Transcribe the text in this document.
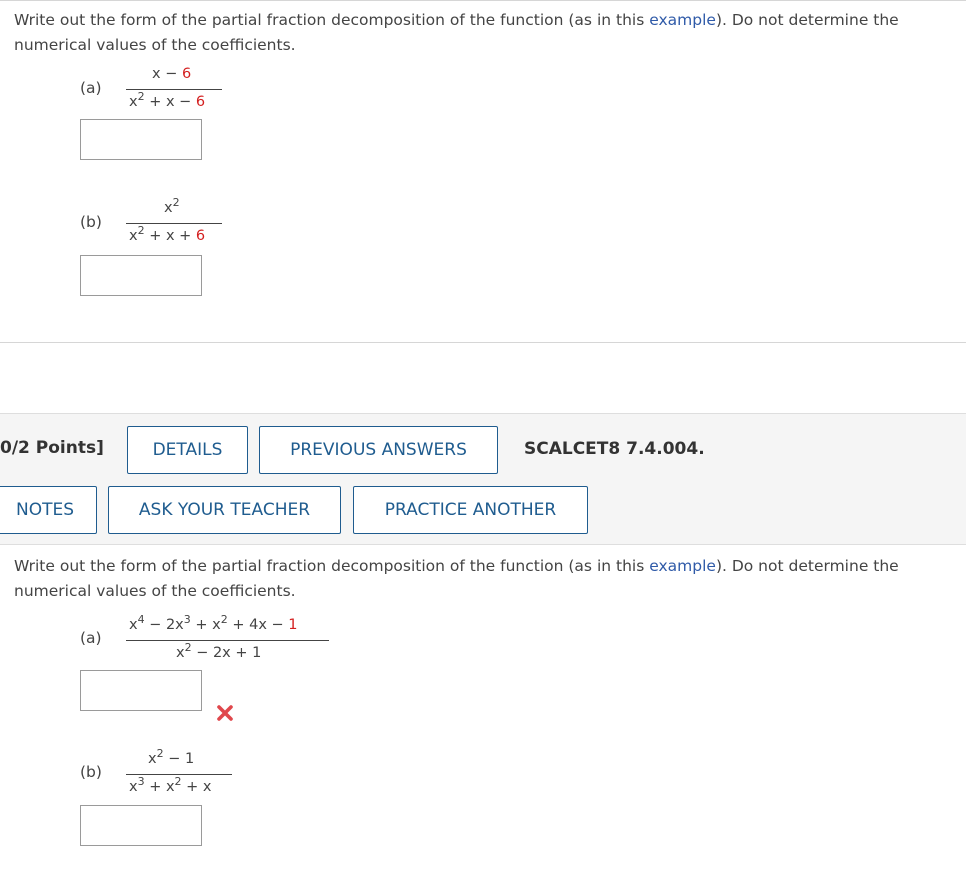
Write out the form of the partial fraction decomposition of the function (as in this example). Do not determine the numerical values of the coefficients.
(a)
x − 6
$x^2 + x - 6$
(b)
$x^2$
$x^2 + x + 6$
0/2 Points]	DETAILS	PREVIOUS ANSWERS	SCALCET8 7.4.004.
NOTES	ASK YOUR TEACHER	PRACTICE ANOTHER
Write out the form of the partial fraction decomposition of the function (as in this example). Do not determine the numerical values of the coefficients.
(a)
$x^4 - 2x^3 + x^2 + 4x - 1$
$x^2 - 2x + 1$
(b)
$x^2 - 1$
$x^3 + x^2 + x$
